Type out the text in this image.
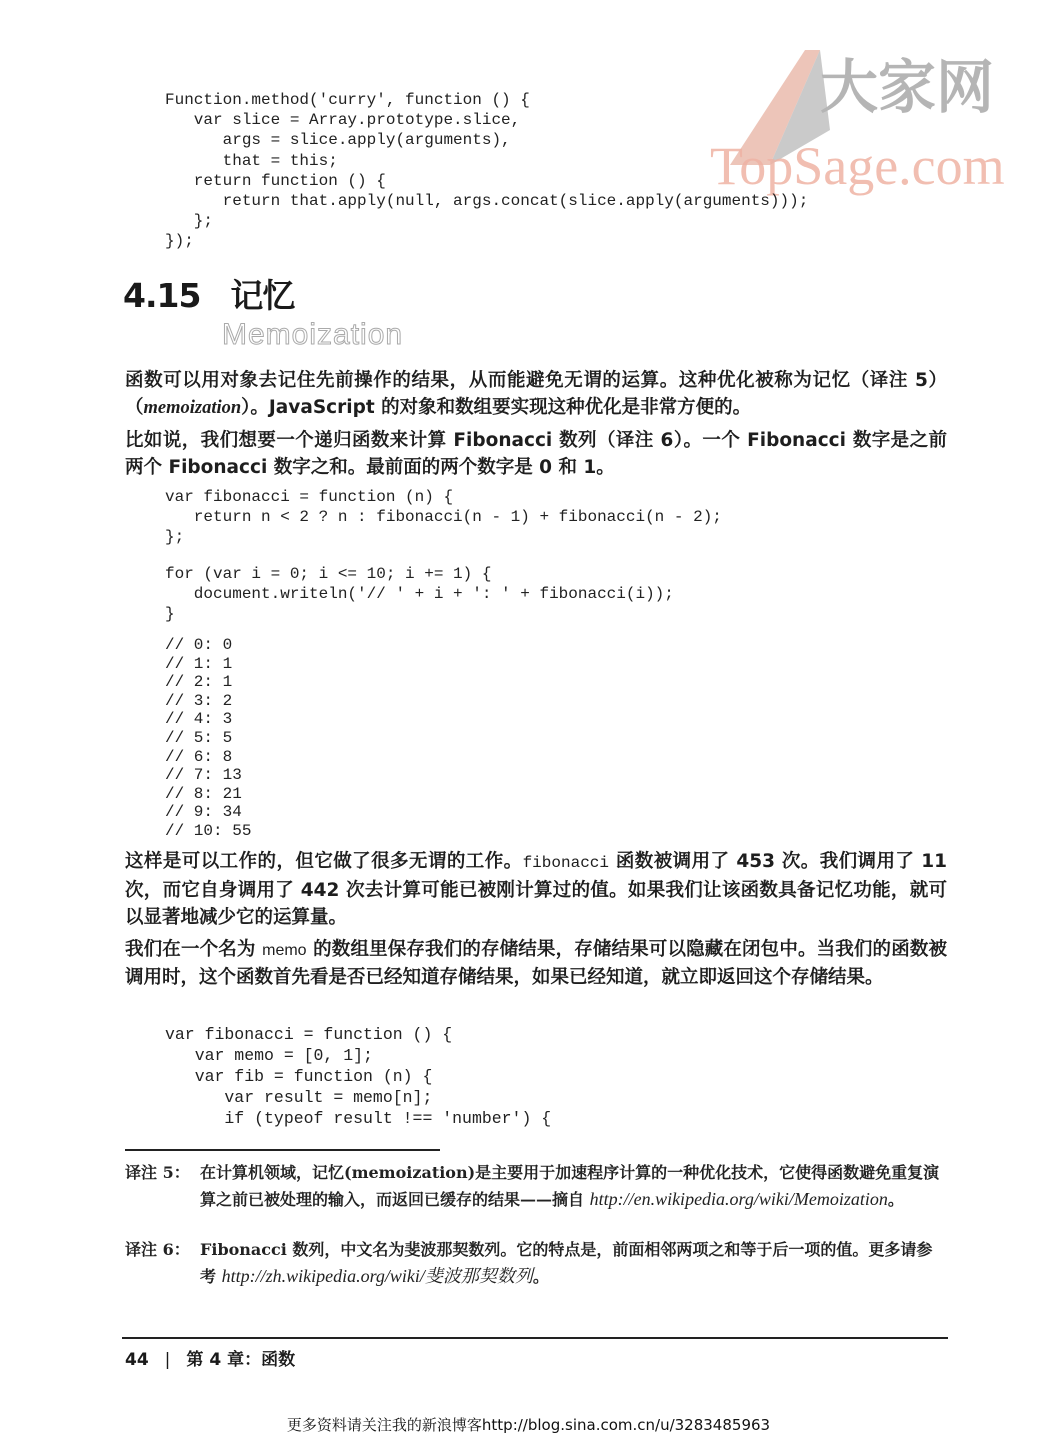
大家网
TopSage.com
Function.method('curry', function () {
var slice = Array.prototype.slice,
args = slice.apply(arguments),
that = this;
return function () {
return that.apply(null, args.concat(slice.apply(arguments)));
};
});
4.15 记忆
Memoization
函数可以用对象去记住先前操作的结果，从而能避免无谓的运算。这种优化被称为记忆（译注 5）（memoization）。JavaScript 的对象和数组要实现这种优化是非常方便的。
比如说，我们想要一个递归函数来计算 Fibonacci 数列（译注 6）。一个 Fibonacci 数字是之前两个 Fibonacci 数字之和。最前面的两个数字是 0 和 1。
var fibonacci = function (n) {
return n < 2 ? n : fibonacci(n - 1) + fibonacci(n - 2);
};
for (var i = 0; i <= 10; i += 1) {
document.writeln('// ' + i + ': ' + fibonacci(i));
}
// 0: 0
// 1: 1
// 2: 1
// 3: 2
// 4: 3
// 5: 5
// 6: 8
// 7: 13
// 8: 21
// 9: 34
// 10: 55
这样是可以工作的，但它做了很多无谓的工作。fibonacci 函数被调用了 453 次。我们调用了 11 次，而它自身调用了 442 次去计算可能已被刚计算过的值。如果我们让该函数具备记忆功能，就可以显著地减少它的运算量。
我们在一个名为 memo 的数组里保存我们的存储结果，存储结果可以隐藏在闭包中。当我们的函数被调用时，这个函数首先看是否已经知道存储结果，如果已经知道，就立即返回这个存储结果。
var fibonacci = function () {
var memo = [0, 1];
var fib = function (n) {
var result = memo[n];
if (typeof result !== 'number') {
译注 5： 在计算机领域，记忆(memoization)是主要用于加速程序计算的一种优化技术，它使得函数避免重复演算之前已被处理的输入，而返回已缓存的结果——摘自 http://en.wikipedia.org/wiki/Memoization。
译注 6： Fibonacci 数列，中文名为斐波那契数列。它的特点是，前面相邻两项之和等于后一项的值。更多请参考 http://zh.wikipedia.org/wiki/斐波那契数列。
44 | 第 4 章：函数
更多资料请关注我的新浪博客http://blog.sina.com.cn/u/3283485963
